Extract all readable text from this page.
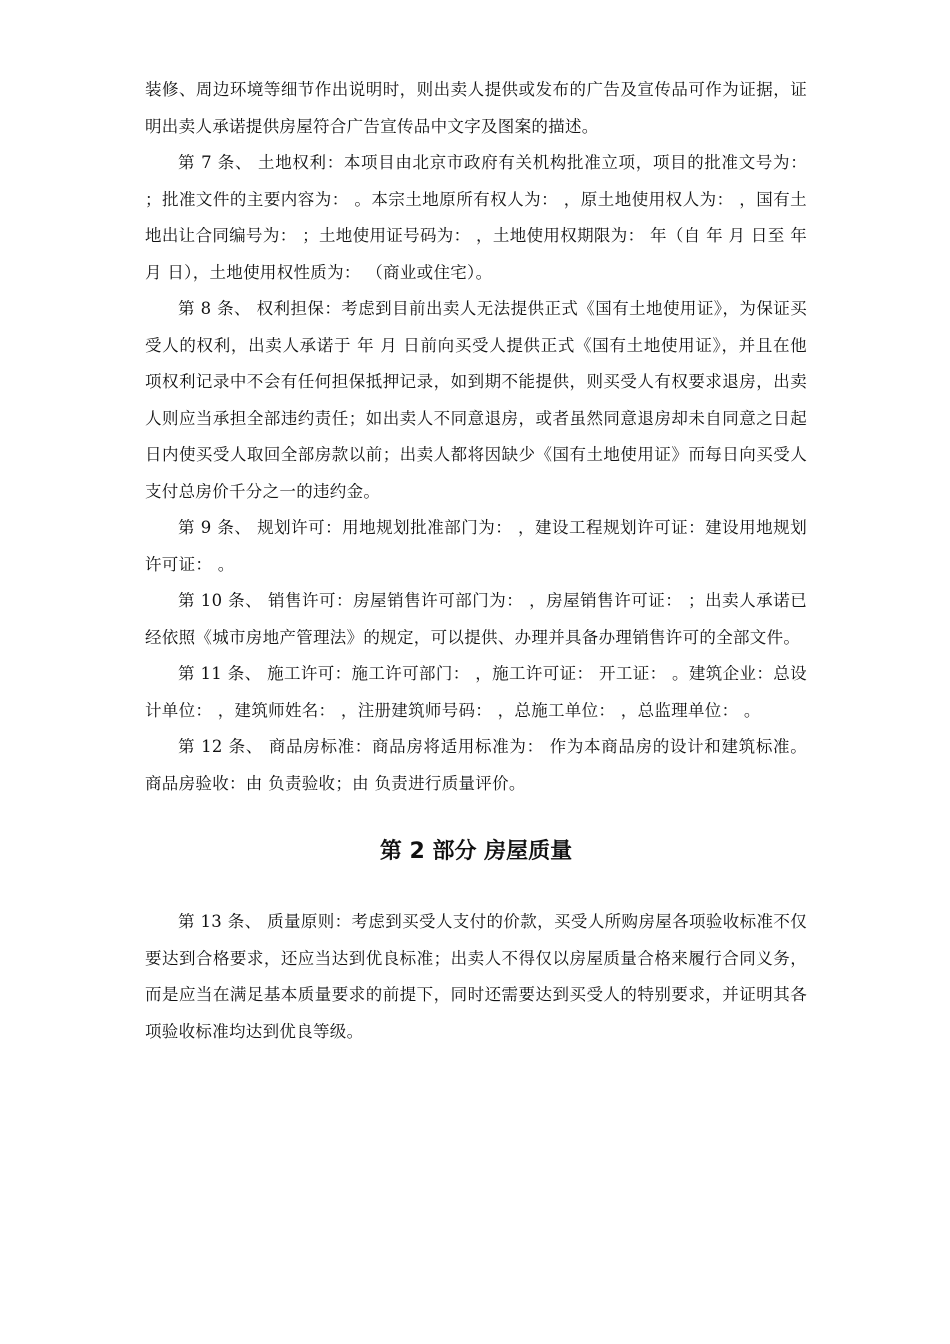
装修、周边环境等细节作出说明时，则出卖人提供或发布的广告及宣传品可作为证据，证明出卖人承诺提供房屋符合广告宣传品中文字及图案的描述。

第 7 条、 土地权利：本项目由北京市政府有关机构批准立项，项目的批准文号为： ；批准文件的主要内容为： 。本宗土地原所有权人为： ，原土地使用权人为： ，国有土地出让合同编号为： ；土地使用证号码为： ，土地使用权期限为： 年（自 年 月 日至 年 月 日），土地使用权性质为： （商业或住宅）。

第 8 条、 权利担保：考虑到目前出卖人无法提供正式《国有土地使用证》，为保证买受人的权利，出卖人承诺于 年 月 日前向买受人提供正式《国有土地使用证》，并且在他项权利记录中不会有任何担保抵押记录，如到期不能提供，则买受人有权要求退房，出卖人则应当承担全部违约责任；如出卖人不同意退房，或者虽然同意退房却未自同意之日起 日内使买受人取回全部房款以前；出卖人都将因缺少《国有土地使用证》而每日向买受人支付总房价千分之一的违约金。

第 9 条、 规划许可：用地规划批准部门为： ，建设工程规划许可证：建设用地规划许可证： 。

第 10 条、 销售许可：房屋销售许可部门为： ，房屋销售许可证： ；出卖人承诺已经依照《城市房地产管理法》的规定，可以提供、办理并具备办理销售许可的全部文件。

第 11 条、 施工许可：施工许可部门： ，施工许可证： 开工证： 。建筑企业：总设计单位： ，建筑师姓名： ，注册建筑师号码： ，总施工单位： ，总监理单位： 。

第 12 条、 商品房标准：商品房将适用标准为： 作为本商品房的设计和建筑标准。商品房验收：由 负责验收；由 负责进行质量评价。

第 2 部分 房屋质量

第 13 条、 质量原则：考虑到买受人支付的价款，买受人所购房屋各项验收标准不仅要达到合格要求，还应当达到优良标准；出卖人不得仅以房屋质量合格来履行合同义务，而是应当在满足基本质量要求的前提下，同时还需要达到买受人的特别要求，并证明其各项验收标准均达到优良等级。
